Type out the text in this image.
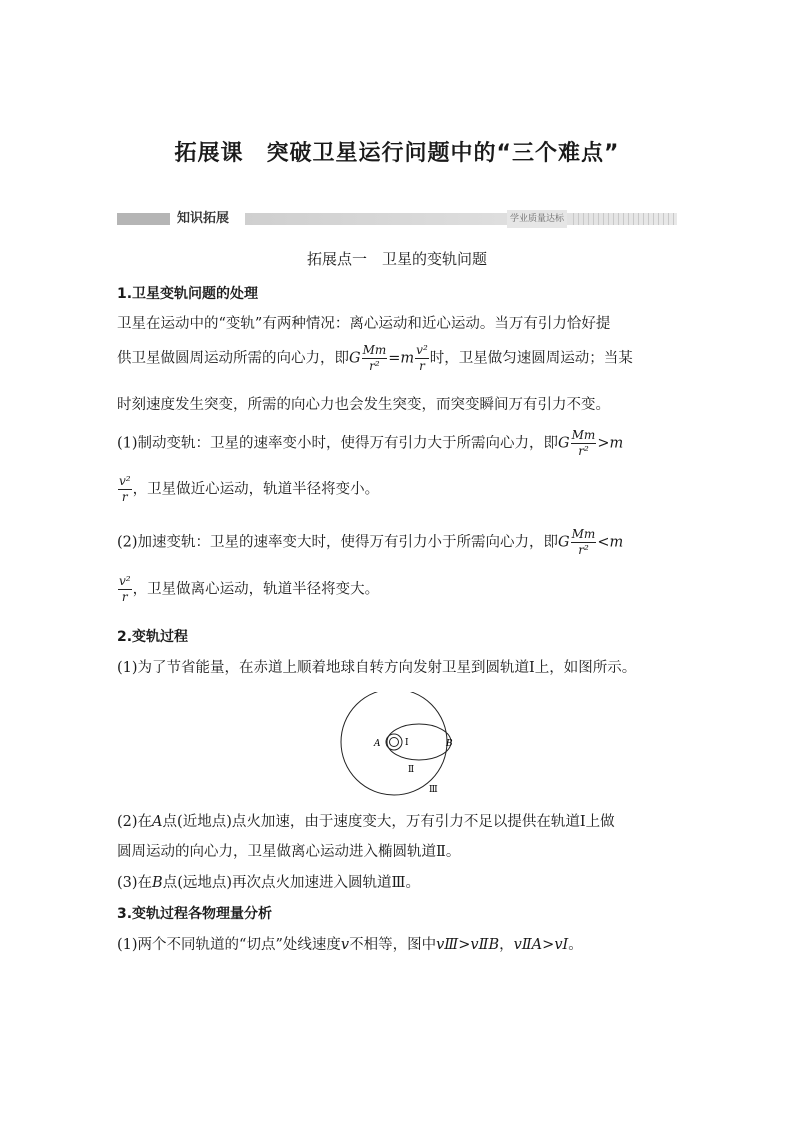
拓展课　突破卫星运行问题中的“三个难点”
知识拓展	学业质量达标
拓展点一　卫星的变轨问题
1.卫星变轨问题的处理
卫星在运动中的“变轨”有两种情况：离心运动和近心运动。当万有引力恰好提
供卫星做圆周运动所需的向心力，即G $\frac{Mm}{\text{r²}} =m \frac{\text{v²}}{r}$ 时，卫星做匀速圆周运动；当某
时刻速度发生突变，所需的向心力也会发生突变，而突变瞬间万有引力不变。
(1)制动变轨：卫星的速率变小时，使得万有引力大于所需向心力，即G $\frac{Mm}{\text{r²}} >m$
$\frac{\text{v²}}{r}$ ，卫星做近心运动，轨道半径将变小。
(2)加速变轨：卫星的速率变大时，使得万有引力小于所需向心力，即G $\frac{Mm}{\text{r²}} <m$
$\frac{\text{v²}}{r}$ ，卫星做离心运动，轨道半径将变大。
2.变轨过程
(1)为了节省能量，在赤道上顺着地球自转方向发射卫星到圆轨道Ⅰ上，如图所示。
A	Ⅰ	B
Ⅱ
Ⅲ
(2)在A点(近地点)点火加速，由于速度变大，万有引力不足以提供在轨道Ⅰ上做
圆周运动的向心力，卫星做离心运动进入椭圆轨道Ⅱ。
(3)在B点(远地点)再次点火加速进入圆轨道Ⅲ。
3.变轨过程各物理量分析
(1)两个不同轨道的“切点”处线速度v不相等，图中vⅢ>vⅡB，vⅡA>vⅠ。
